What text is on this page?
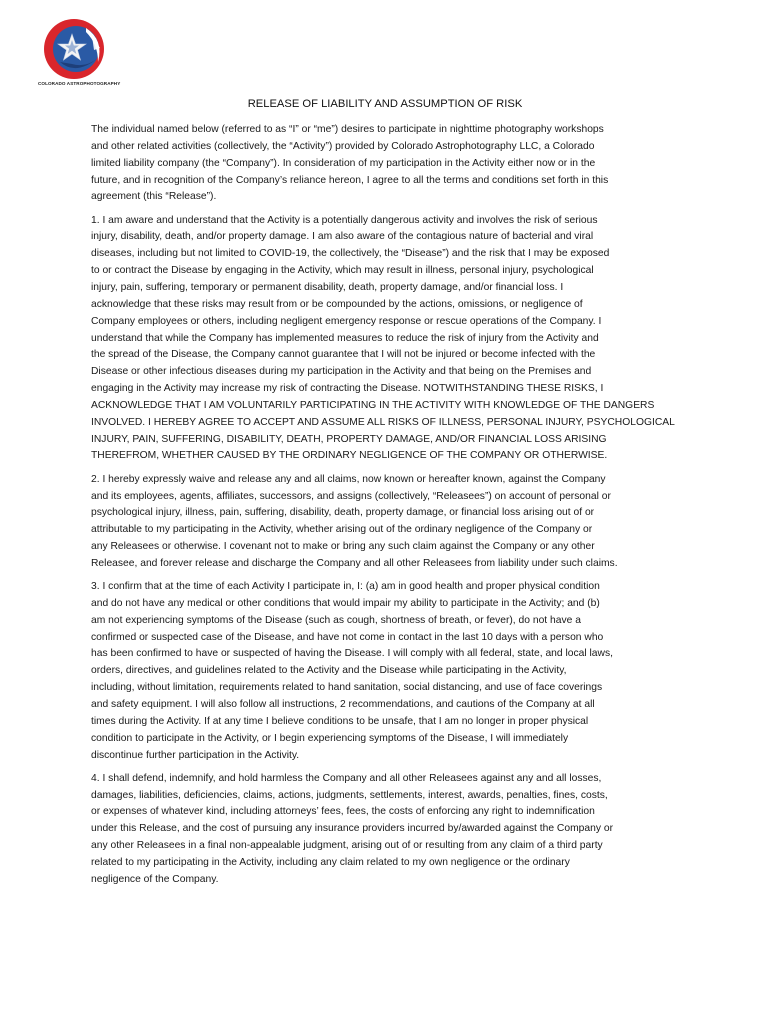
COLORADO ASTROPHOTOGRAPHY
RELEASE OF LIABILITY AND ASSUMPTION OF RISK
The individual named below (referred to as “I” or “me”) desires to participate in nighttime photography workshops
and other related activities (collectively, the “Activity”) provided by Colorado Astrophotography LLC, a Colorado
limited liability company (the “Company”). In consideration of my participation in the Activity either now or in the
future, and in recognition of the Company’s reliance hereon, I agree to all the terms and conditions set forth in this
agreement (this “Release”).
1. I am aware and understand that the Activity is a potentially dangerous activity and involves the risk of serious
injury, disability, death, and/or property damage. I am also aware of the contagious nature of bacterial and viral
diseases, including but not limited to COVID-19, the collectively, the “Disease”) and the risk that I may be exposed
to or contract the Disease by engaging in the Activity, which may result in illness, personal injury, psychological
injury, pain, suffering, temporary or permanent disability, death, property damage, and/or financial loss. I
acknowledge that these risks may result from or be compounded by the actions, omissions, or negligence of
Company employees or others, including negligent emergency response or rescue operations of the Company. I
understand that while the Company has implemented measures to reduce the risk of injury from the Activity and
the spread of the Disease, the Company cannot guarantee that I will not be injured or become infected with the
Disease or other infectious diseases during my participation in the Activity and that being on the Premises and
engaging in the Activity may increase my risk of contracting the Disease. NOTWITHSTANDING THESE RISKS, I
ACKNOWLEDGE THAT I AM VOLUNTARILY PARTICIPATING IN THE ACTIVITY WITH KNOWLEDGE OF THE DANGERS
INVOLVED. I HEREBY AGREE TO ACCEPT AND ASSUME ALL RISKS OF ILLNESS, PERSONAL INJURY, PSYCHOLOGICAL
INJURY, PAIN, SUFFERING, DISABILITY, DEATH, PROPERTY DAMAGE, AND/OR FINANCIAL LOSS ARISING
THEREFROM, WHETHER CAUSED BY THE ORDINARY NEGLIGENCE OF THE COMPANY OR OTHERWISE.
2. I hereby expressly waive and release any and all claims, now known or hereafter known, against the Company
and its employees, agents, affiliates, successors, and assigns (collectively, “Releasees”) on account of personal or
psychological injury, illness, pain, suffering, disability, death, property damage, or financial loss arising out of or
attributable to my participating in the Activity, whether arising out of the ordinary negligence of the Company or
any Releasees or otherwise. I covenant not to make or bring any such claim against the Company or any other
Releasee, and forever release and discharge the Company and all other Releasees from liability under such claims.
3. I confirm that at the time of each Activity I participate in, I: (a) am in good health and proper physical condition
and do not have any medical or other conditions that would impair my ability to participate in the Activity; and (b)
am not experiencing symptoms of the Disease (such as cough, shortness of breath, or fever), do not have a
confirmed or suspected case of the Disease, and have not come in contact in the last 10 days with a person who
has been confirmed to have or suspected of having the Disease. I will comply with all federal, state, and local laws,
orders, directives, and guidelines related to the Activity and the Disease while participating in the Activity,
including, without limitation, requirements related to hand sanitation, social distancing, and use of face coverings
and safety equipment. I will also follow all instructions, 2 recommendations, and cautions of the Company at all
times during the Activity. If at any time I believe conditions to be unsafe, that I am no longer in proper physical
condition to participate in the Activity, or I begin experiencing symptoms of the Disease, I will immediately
discontinue further participation in the Activity.
4. I shall defend, indemnify, and hold harmless the Company and all other Releasees against any and all losses,
damages, liabilities, deficiencies, claims, actions, judgments, settlements, interest, awards, penalties, fines, costs,
or expenses of whatever kind, including attorneys’ fees, fees, the costs of enforcing any right to indemnification
under this Release, and the cost of pursuing any insurance providers incurred by/awarded against the Company or
any other Releasees in a final non-appealable judgment, arising out of or resulting from any claim of a third party
related to my participating in the Activity, including any claim related to my own negligence or the ordinary
negligence of the Company.
